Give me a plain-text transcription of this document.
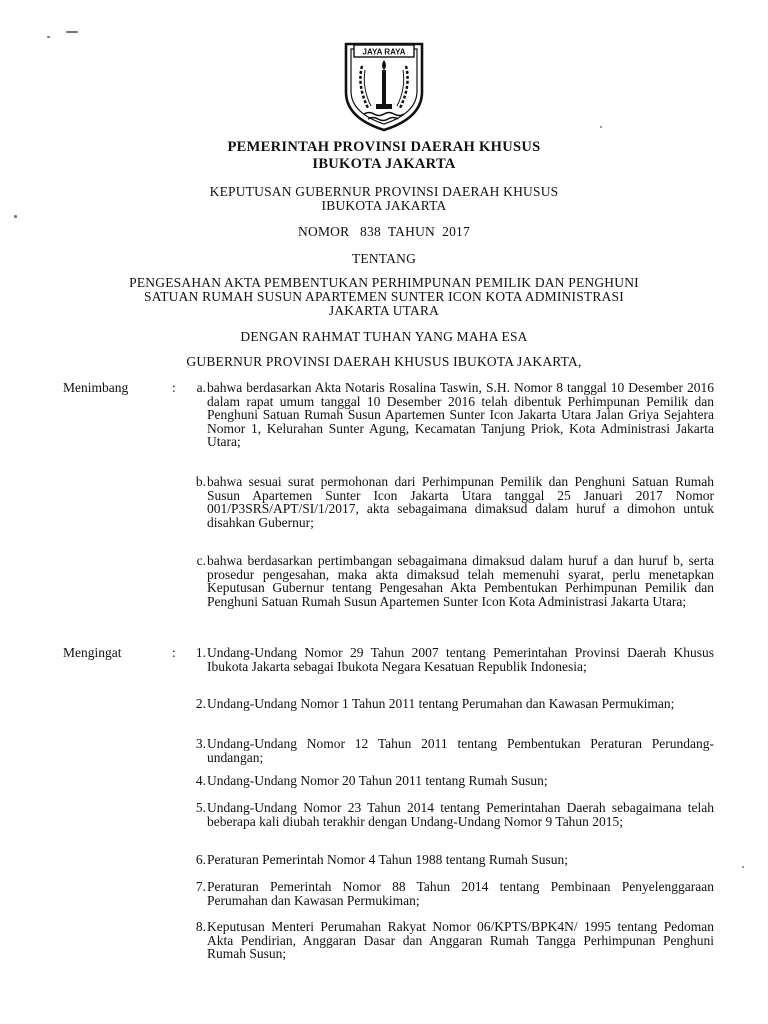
JAYA RAYA
PEMERINTAH PROVINSI DAERAH KHUSUS
IBUKOTA JAKARTA
KEPUTUSAN GUBERNUR PROVINSI DAERAH KHUSUS
IBUKOTA JAKARTA
NOMOR 838 TAHUN 2017
TENTANG
PENGESAHAN AKTA PEMBENTUKAN PERHIMPUNAN PEMILIK DAN PENGHUNI
SATUAN RUMAH SUSUN APARTEMEN SUNTER ICON KOTA ADMINISTRASI
JAKARTA UTARA
DENGAN RAHMAT TUHAN YANG MAHA ESA
GUBERNUR PROVINSI DAERAH KHUSUS IBUKOTA JAKARTA,
Menimbang	:	a. bahwa berdasarkan Akta Notaris Rosalina Taswin, S.H. Nomor 8 tanggal 10 Desember 2016 dalam rapat umum tanggal 10 Desember 2016 telah dibentuk Perhimpunan Pemilik dan Penghuni Satuan Rumah Susun Apartemen Sunter Icon Jakarta Utara Jalan Griya Sejahtera Nomor 1, Kelurahan Sunter Agung, Kecamatan Tanjung Priok, Kota Administrasi Jakarta Utara;
b. bahwa sesuai surat permohonan dari Perhimpunan Pemilik dan Penghuni Satuan Rumah Susun Apartemen Sunter Icon Jakarta Utara tanggal 25 Januari 2017 Nomor 001/P3SRS/APT/SI/1/2017, akta sebagaimana dimaksud dalam huruf a dimohon untuk disahkan Gubernur;
c. bahwa berdasarkan pertimbangan sebagaimana dimaksud dalam huruf a dan huruf b, serta prosedur pengesahan, maka akta dimaksud telah memenuhi syarat, perlu menetapkan Keputusan Gubernur tentang Pengesahan Akta Pembentukan Perhimpunan Pemilik dan Penghuni Satuan Rumah Susun Apartemen Sunter Icon Kota Administrasi Jakarta Utara;
Mengingat	:	1. Undang-Undang Nomor 29 Tahun 2007 tentang Pemerintahan Provinsi Daerah Khusus Ibukota Jakarta sebagai Ibukota Negara Kesatuan Republik Indonesia;
2. Undang-Undang Nomor 1 Tahun 2011 tentang Perumahan dan Kawasan Permukiman;
3. Undang-Undang Nomor 12 Tahun 2011 tentang Pembentukan Peraturan Perundang-undangan;
4. Undang-Undang Nomor 20 Tahun 2011 tentang Rumah Susun;
5. Undang-Undang Nomor 23 Tahun 2014 tentang Pemerintahan Daerah sebagaimana telah beberapa kali diubah terakhir dengan Undang-Undang Nomor 9 Tahun 2015;
6. Peraturan Pemerintah Nomor 4 Tahun 1988 tentang Rumah Susun;
7. Peraturan Pemerintah Nomor 88 Tahun 2014 tentang Pembinaan Penyelenggaraan Perumahan dan Kawasan Permukiman;
8. Keputusan Menteri Perumahan Rakyat Nomor 06/KPTS/BPK4N/ 1995 tentang Pedoman Akta Pendirian, Anggaran Dasar dan Anggaran Rumah Tangga Perhimpunan Penghuni Rumah Susun;
